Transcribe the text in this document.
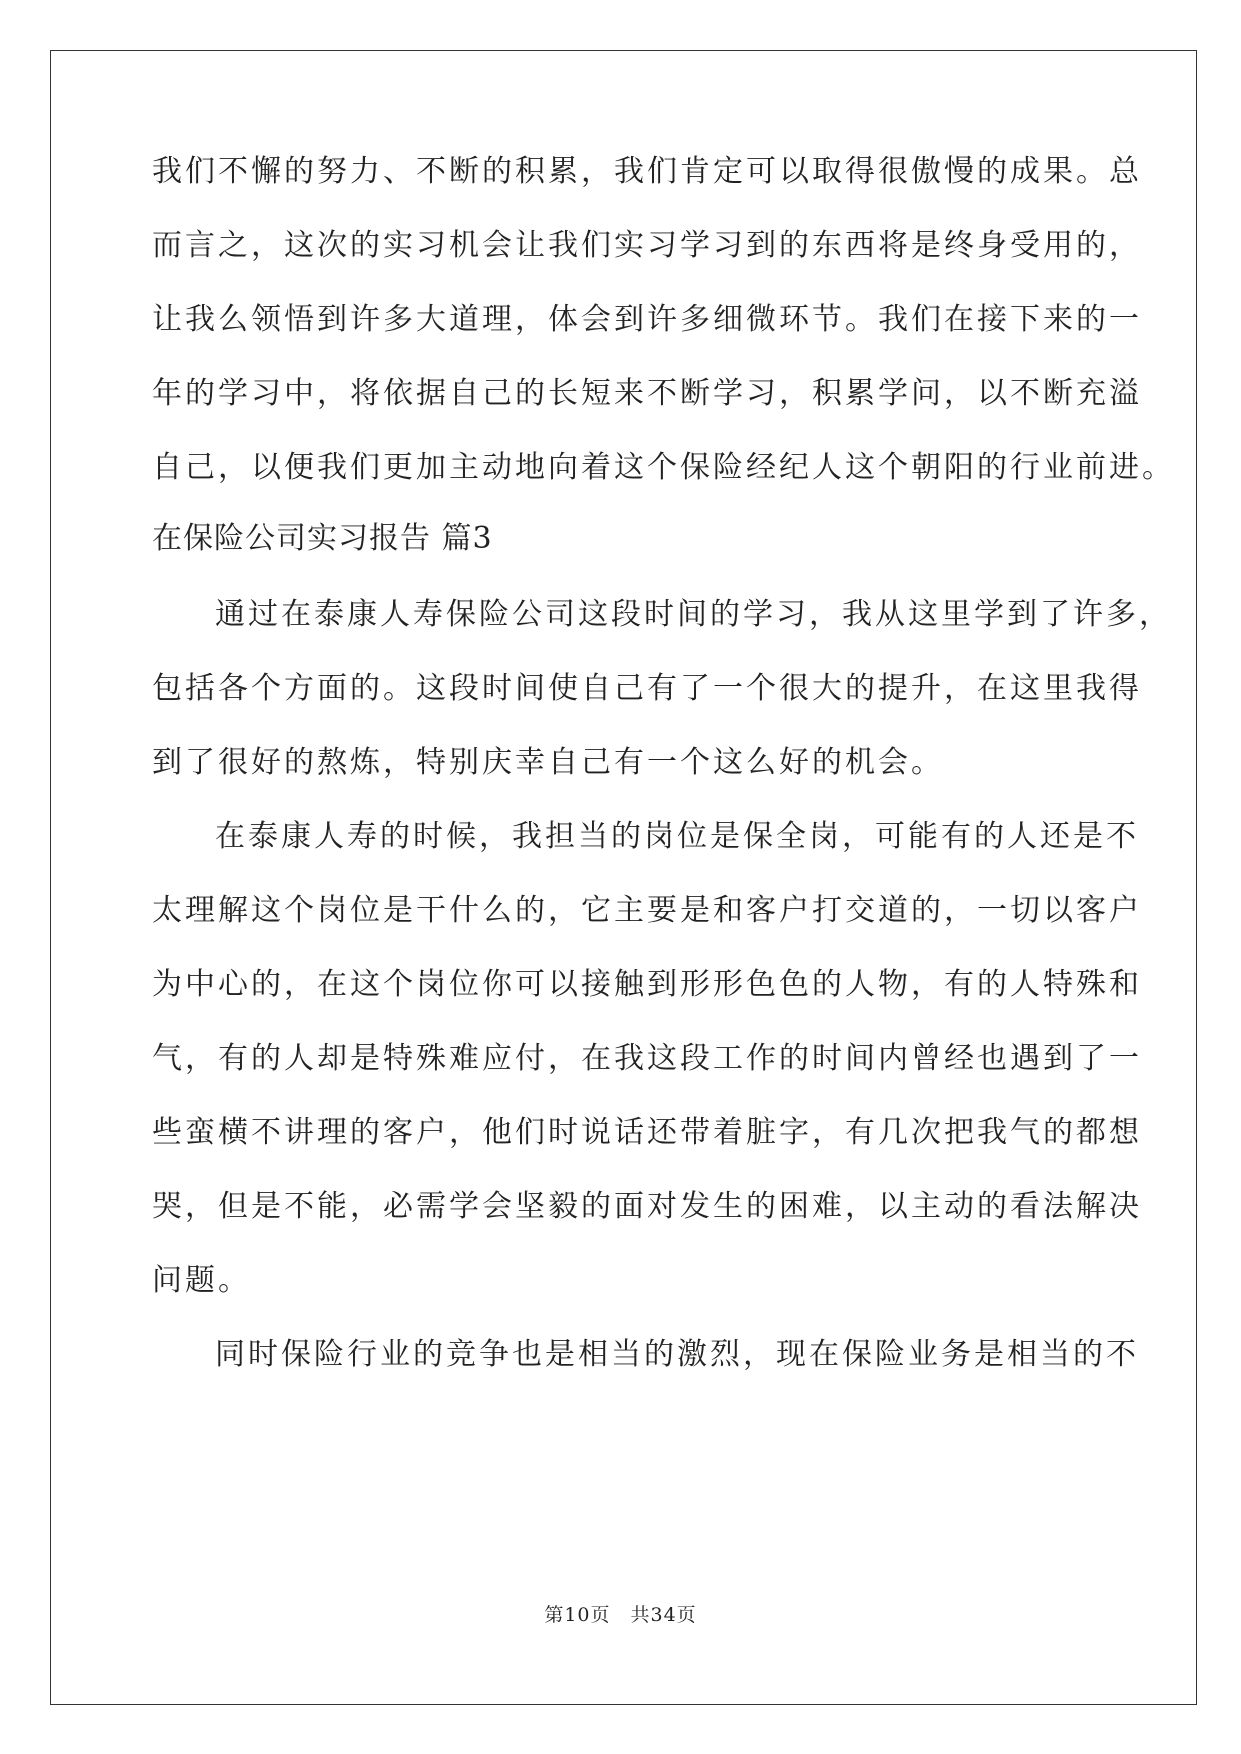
我们不懈的努力、不断的积累，我们肯定可以取得很傲慢的成果。总
而言之，这次的实习机会让我们实习学习到的东西将是终身受用的，
让我么领悟到许多大道理，体会到许多细微环节。我们在接下来的一
年的学习中，将依据自己的长短来不断学习，积累学问，以不断充溢
自己，以便我们更加主动地向着这个保险经纪人这个朝阳的行业前进。
在保险公司实习报告 篇3
通过在泰康人寿保险公司这段时间的学习，我从这里学到了许多，
包括各个方面的。这段时间使自己有了一个很大的提升，在这里我得
到了很好的熬炼，特别庆幸自己有一个这么好的机会。
在泰康人寿的时候，我担当的岗位是保全岗，可能有的人还是不
太理解这个岗位是干什么的，它主要是和客户打交道的，一切以客户
为中心的，在这个岗位你可以接触到形形色色的人物，有的人特殊和
气，有的人却是特殊难应付，在我这段工作的时间内曾经也遇到了一
些蛮横不讲理的客户，他们时说话还带着脏字，有几次把我气的都想
哭，但是不能，必需学会坚毅的面对发生的困难，以主动的看法解决
问题。
同时保险行业的竞争也是相当的激烈，现在保险业务是相当的不
第10页　共34页
